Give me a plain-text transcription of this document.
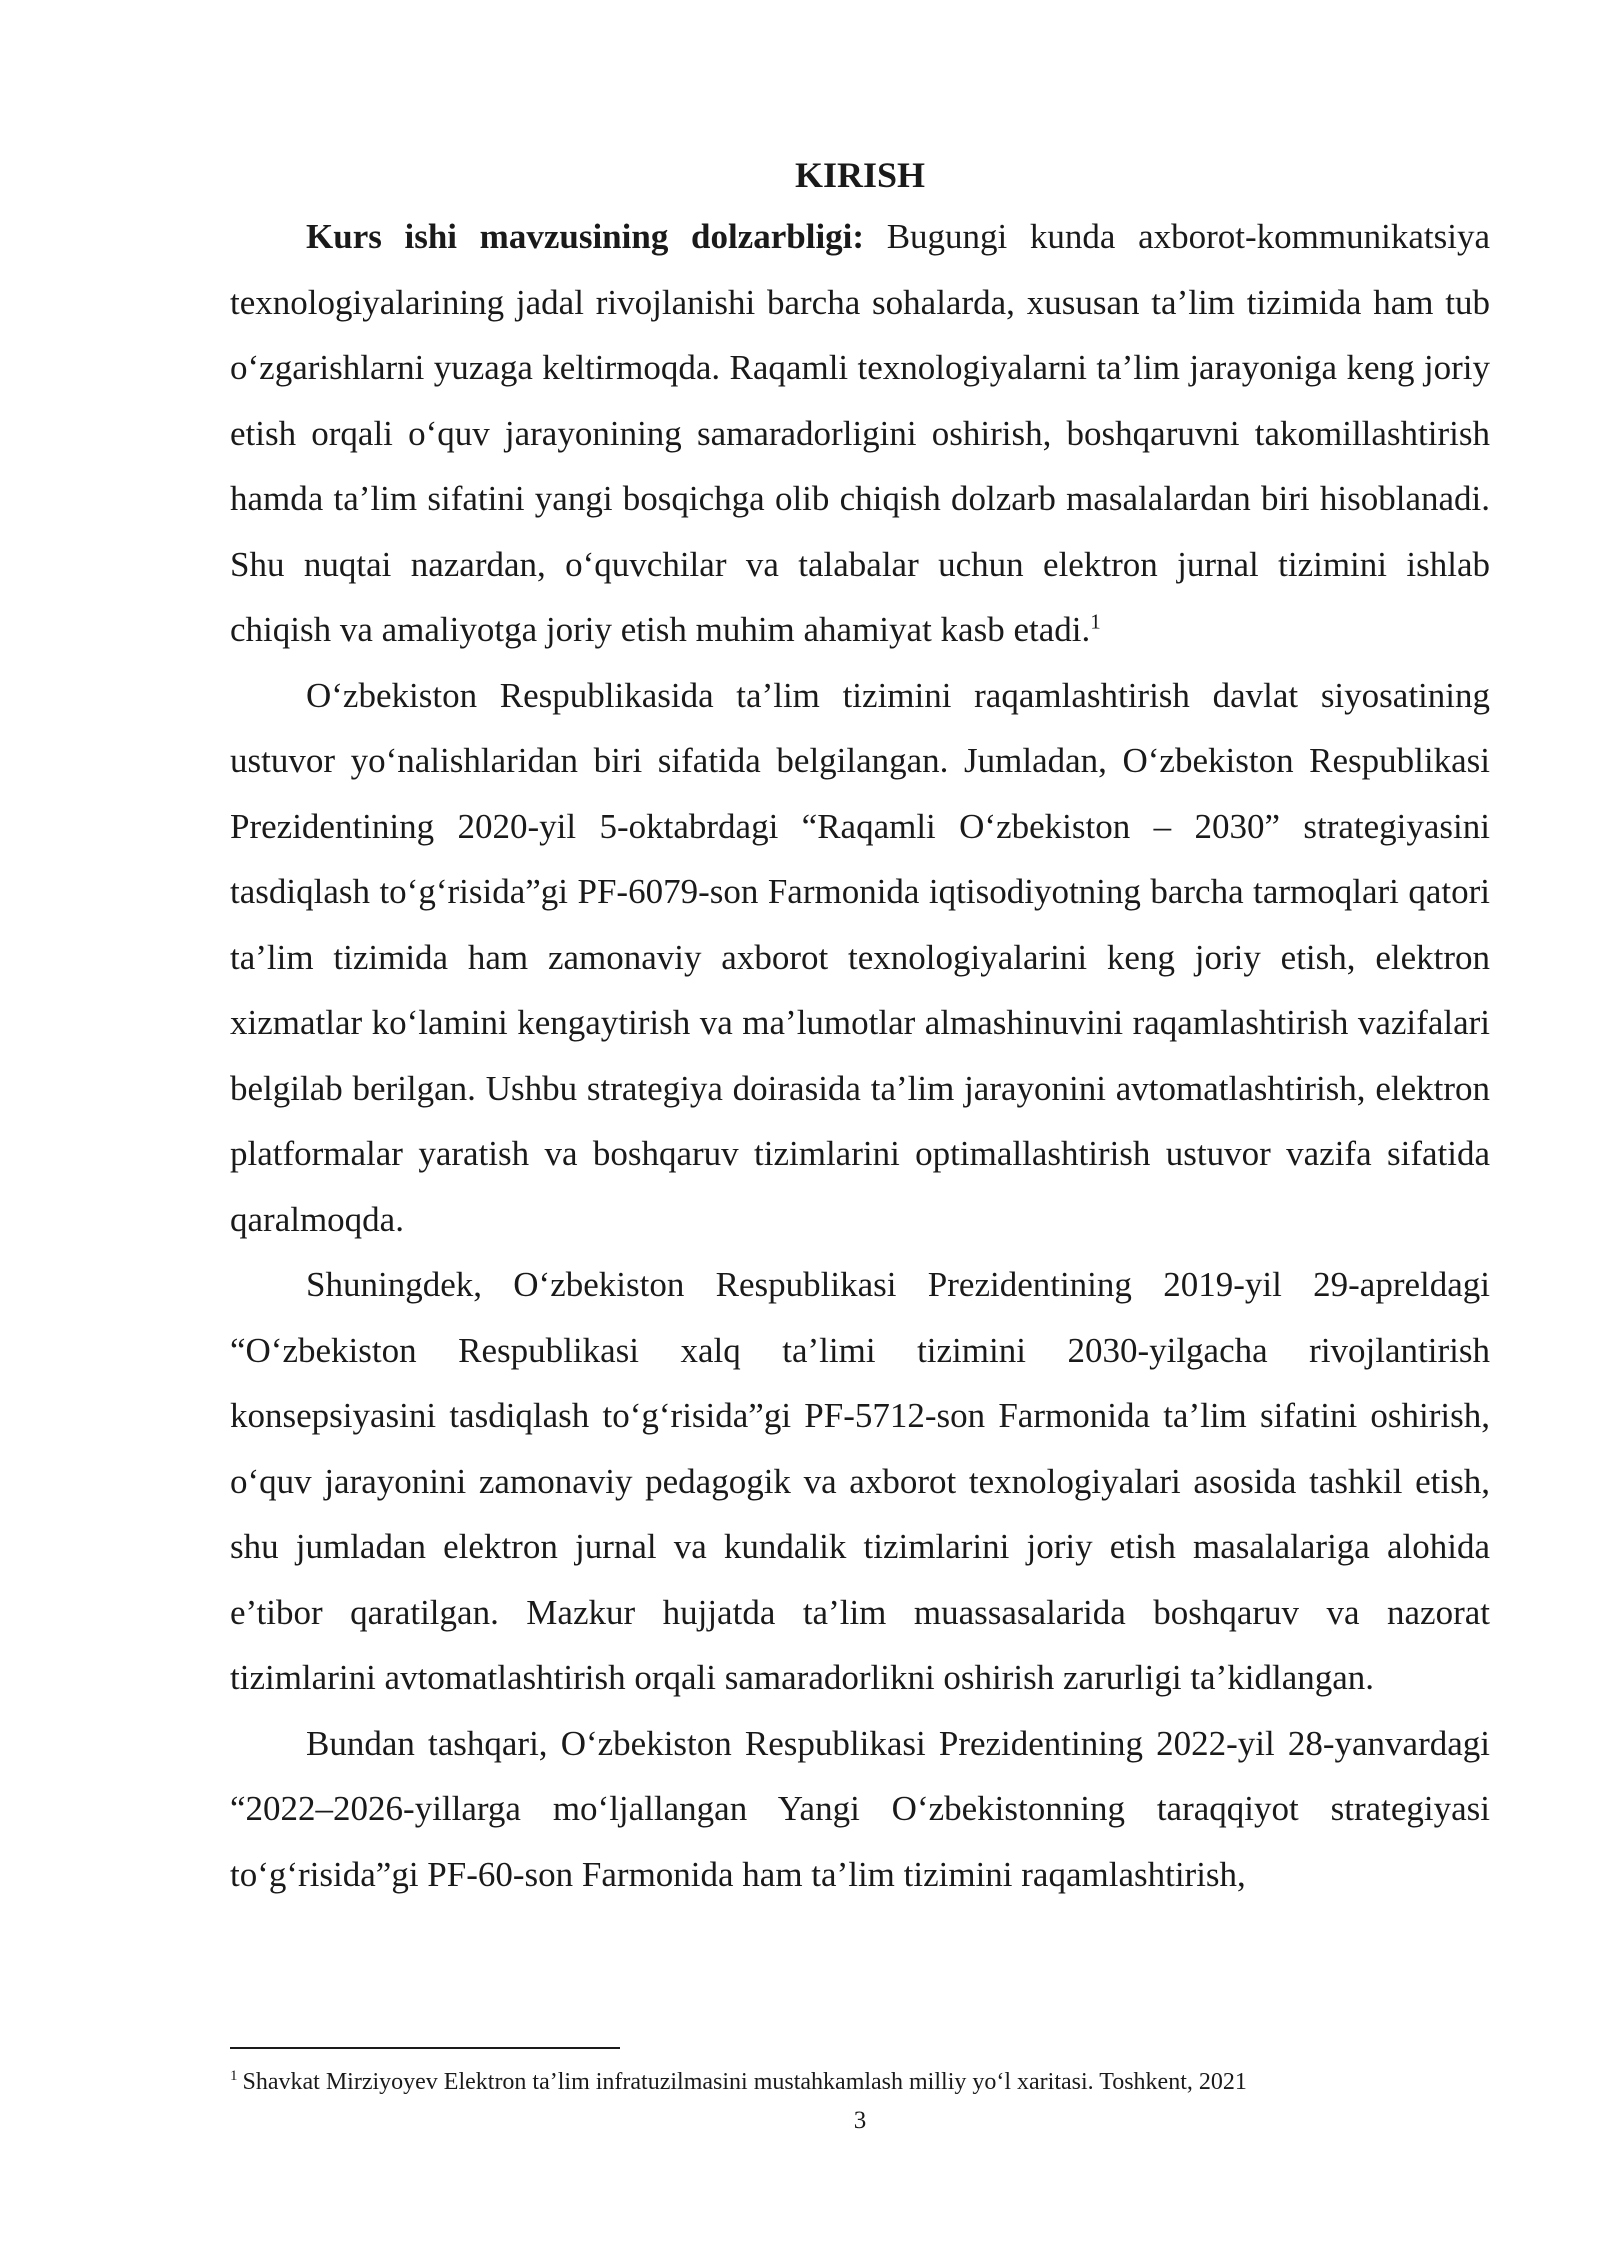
KIRISH

Kurs ishi mavzusining dolzarbligi: Bugungi kunda axborot-kommunikatsiya texnologiyalarining jadal rivojlanishi barcha sohalarda, xususan ta’lim tizimida ham tub o‘zgarishlarni yuzaga keltirmoqda. Raqamli texnologiyalarni ta’lim jarayoniga keng joriy etish orqali o‘quv jarayonining samaradorligini oshirish, boshqaruvni takomillashtirish hamda ta’lim sifatini yangi bosqichga olib chiqish dolzarb masalalardan biri hisoblanadi. Shu nuqtai nazardan, o‘quvchilar va talabalar uchun elektron jurnal tizimini ishlab chiqish va amaliyotga joriy etish muhim ahamiyat kasb etadi.$^1$

O‘zbekiston Respublikasida ta’lim tizimini raqamlashtirish davlat siyosatining ustuvor yo‘nalishlaridan biri sifatida belgilangan. Jumladan, O‘zbekiston Respublikasi Prezidentining 2020-yil 5-oktabrdagi “Raqamli O‘zbekiston – 2030” strategiyasini tasdiqlash to‘g‘risida”gi PF-6079-son Farmonida iqtisodiyotning barcha tarmoqlari qatori ta’lim tizimida ham zamonaviy axborot texnologiyalarini keng joriy etish, elektron xizmatlar ko‘lamini kengaytirish va ma’lumotlar almashinuvini raqamlashtirish vazifalari belgilab berilgan. Ushbu strategiya doirasida ta’lim jarayonini avtomatlashtirish, elektron platformalar yaratish va boshqaruv tizimlarini optimallashtirish ustuvor vazifa sifatida qaralmoqda.

Shuningdek, O‘zbekiston Respublikasi Prezidentining 2019-yil 29-apreldagi “O‘zbekiston Respublikasi xalq ta’limi tizimini 2030-yilgacha rivojlantirish konsepsiyasini tasdiqlash to‘g‘risida”gi PF-5712-son Farmonida ta’lim sifatini oshirish, o‘quv jarayonini zamonaviy pedagogik va axborot texnologiyalari asosida tashkil etish, shu jumladan elektron jurnal va kundalik tizimlarini joriy etish masalalariga alohida e’tibor qaratilgan. Mazkur hujjatda ta’lim muassasalarida boshqaruv va nazorat tizimlarini avtomatlashtirish orqali samaradorlikni oshirish zarurligi ta’kidlangan.

Bundan tashqari, O‘zbekiston Respublikasi Prezidentining 2022-yil 28-yanvardagi “2022–2026-yillarga mo‘ljallangan Yangi O‘zbekistonning taraqqiyot strategiyasi to‘g‘risida”gi PF-60-son Farmonida ham ta’lim tizimini raqamlashtirish,

$^1$ Shavkat Mirziyoyev Elektron ta’lim infratuzilmasini mustahkamlash milliy yo‘l xaritasi. Toshkent, 2021
3
